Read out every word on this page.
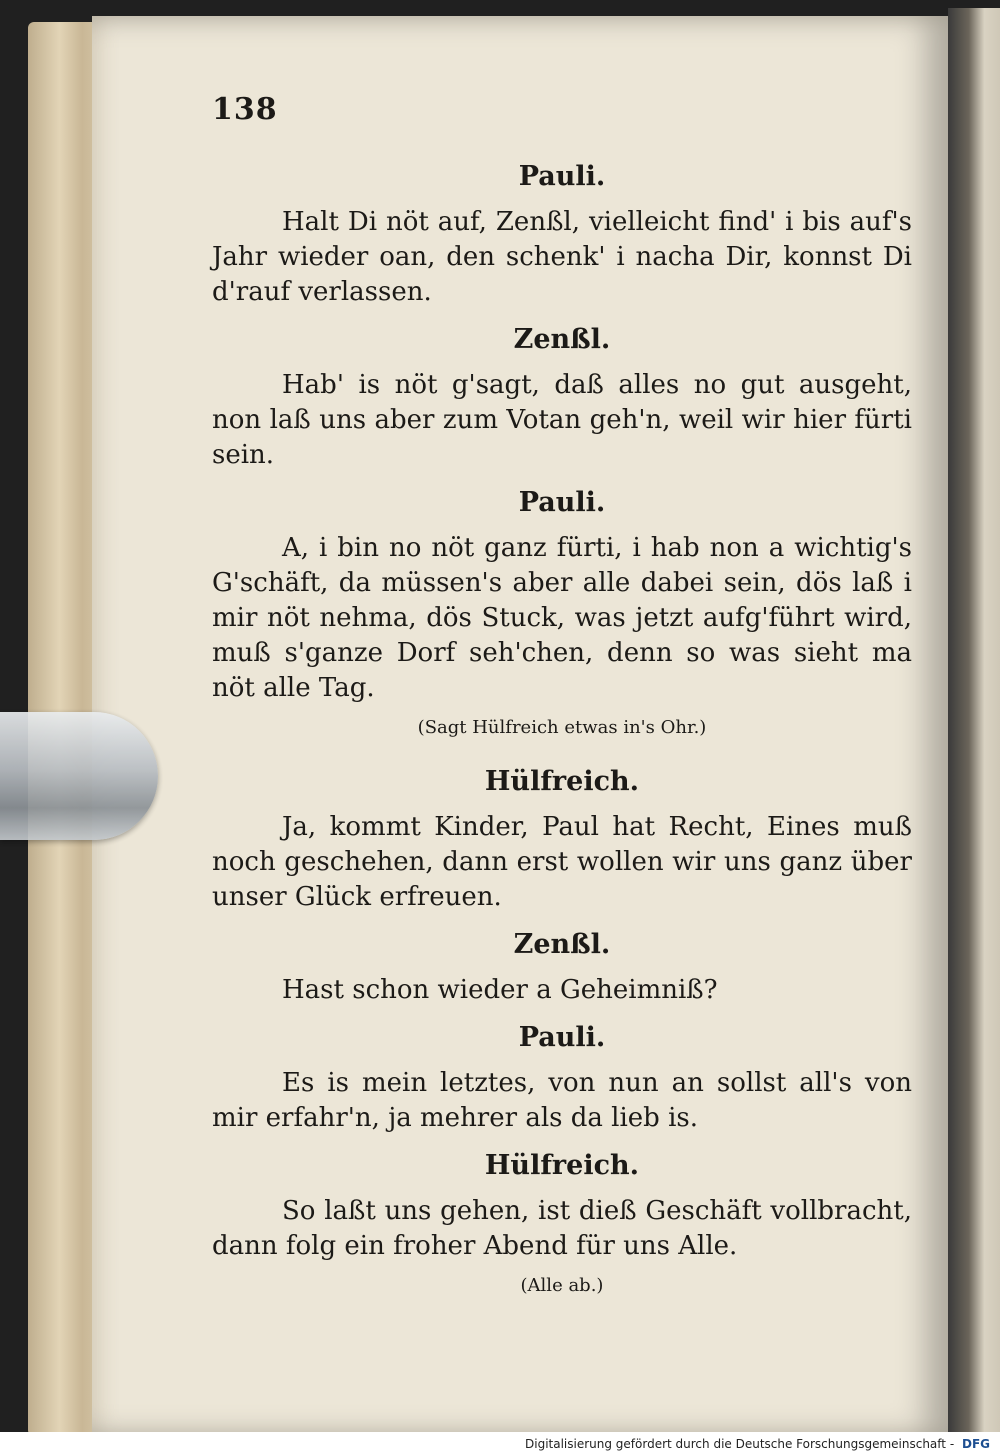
138
Pauli.

Halt Di nöt auf, Zenßl, vielleicht find' i bis auf's Jahr wieder oan, den schenk' i nacha Dir, konnst Di d'rauf verlassen.

Zenßl.

Hab' is nöt g'sagt, daß alles no gut ausgeht, non laß uns aber zum Votan geh'n, weil wir hier fürti sein.

Pauli.

A, i bin no nöt ganz fürti, i hab non a wichtig's G'schäft, da müssen's aber alle dabei sein, dös laß i mir nöt nehma, dös Stuck, was jetzt aufg'führt wird, muß s'ganze Dorf seh'chen, denn so was sieht ma nöt alle Tag.

(Sagt Hülfreich etwas in's Ohr.)
Hülfreich.

Ja, kommt Kinder, Paul hat Recht, Eines muß noch geschehen, dann erst wollen wir uns ganz über unser Glück erfreuen.

Zenßl.

Hast schon wieder a Geheimniß?

Pauli.

Es is mein letztes, von nun an sollst all's von mir erfahr'n, ja mehrer als da lieb is.

Hülfreich.

So laßt uns gehen, ist dieß Geschäft vollbracht, dann folg ein froher Abend für uns Alle.

(Alle ab.)
Digitalisierung gefördert durch die Deutsche Forschungsgemeinschaft - DFG
